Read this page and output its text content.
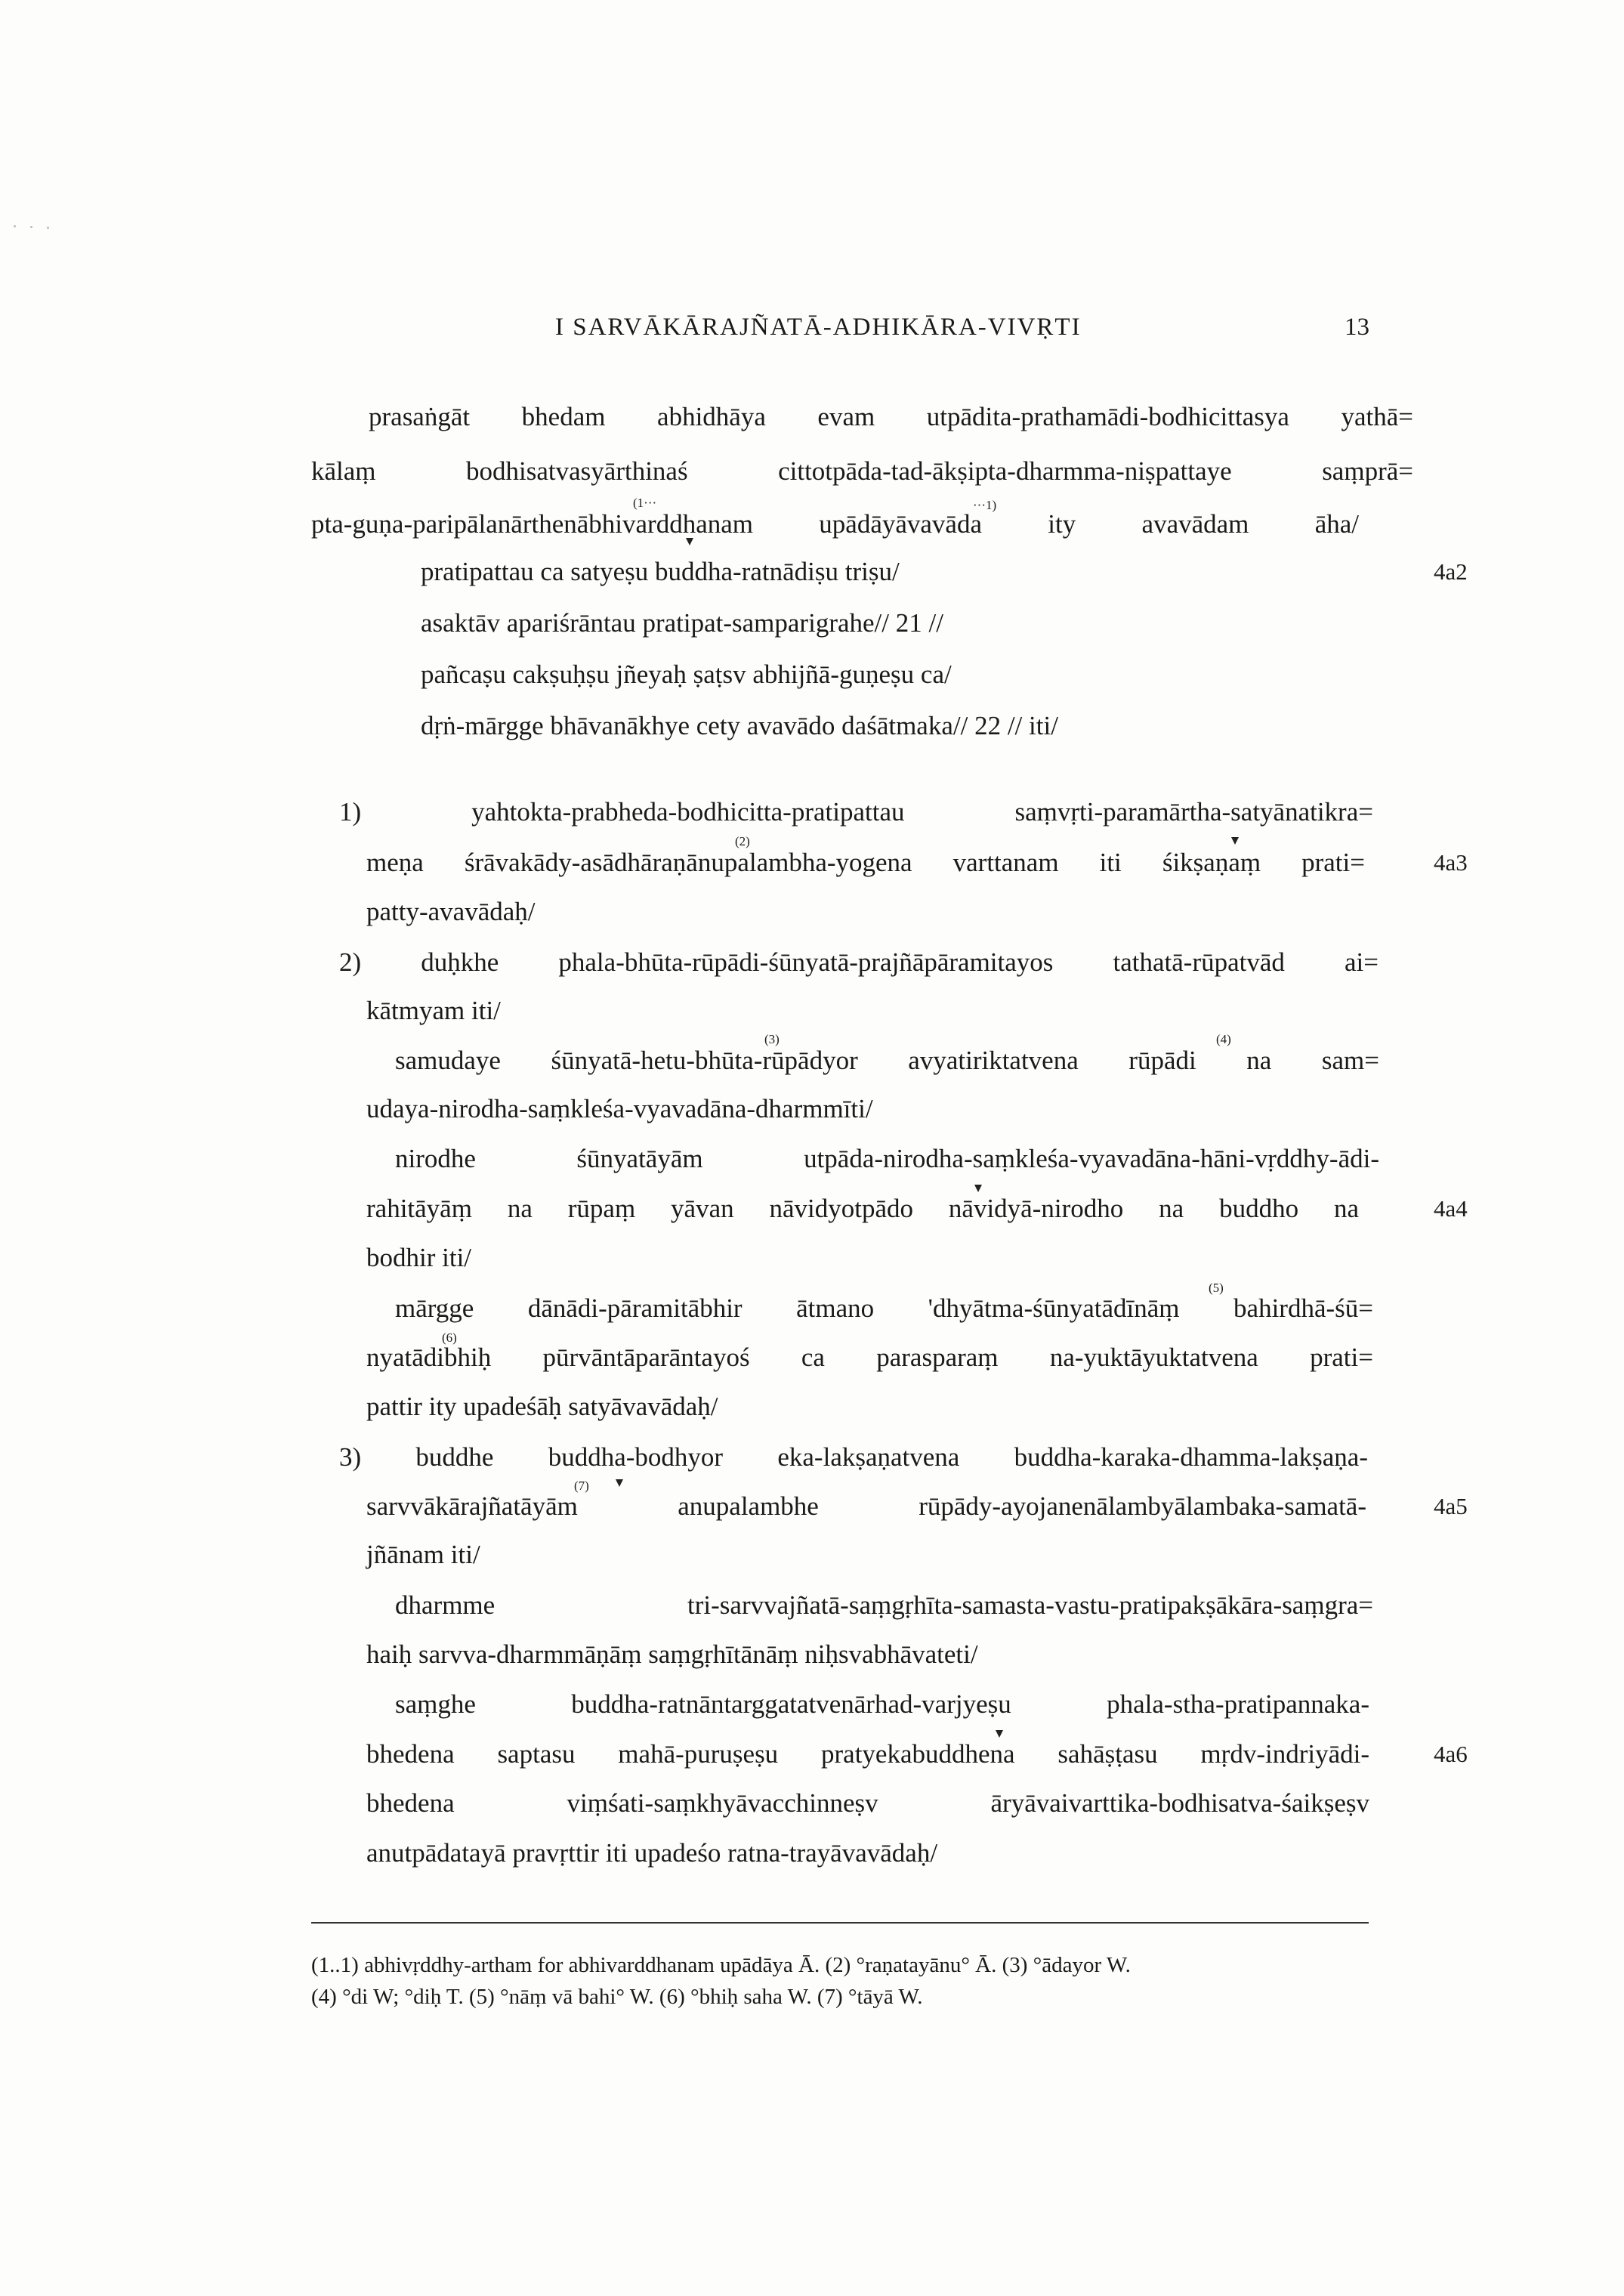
I SARVĀKĀRAJÑATĀ-ADHIKĀRA-VIVṚTI	13
prasaṅgāt bhedam abhidhāya evam utpādita-prathamādi-bodhicittasya yathā=
kālaṃ bodhisatvasyārthinaś cittotpāda-tad-ākṣipta-dharmma-niṣpattaye saṃprā=
pta-guṇa-paripālanārthenābhivarddhanam upādāyāvavāda ity avavādam āha/
pratipattau ca satyeṣu buddha-ratnādiṣu triṣu/
asaktāv apariśrāntau pratipat-samparigrahe// 21 //
pañcaṣu cakṣuḥṣu jñeyaḥ ṣaṭsv abhijñā-guṇeṣu ca/
dṛṅ-mārgge bhāvanākhye cety avavādo daśātmaka// 22 // iti/
1) yahtokta-prabheda-bodhicitta-pratipattau saṃvṛti-paramārtha-satyānatikra=
meṇa śrāvakādy-asādhāraṇānupalambha-yogena varttanam iti śikṣaṇaṃ prati=
patty-avavādaḥ/
2) duḥkhe phala-bhūta-rūpādi-śūnyatā-prajñāpāramitayos tathatā-rūpatvād ai=
kātmyam iti/
samudaye śūnyatā-hetu-bhūta-rūpādyor avyatiriktatvena rūpādi na sam=
udaya-nirodha-saṃkleśa-vyavadāna-dharmmīti/
nirodhe śūnyatāyām utpāda-nirodha-saṃkleśa-vyavadāna-hāni-vṛddhy-ādi-
rahitāyāṃ na rūpaṃ yāvan nāvidyotpādo nāvidyā-nirodho na buddho na
bodhir iti/
mārgge dānādi-pāramitābhir ātmano 'dhyātma-śūnyatādīnāṃ bahirdhā-śū=
nyatādibhiḥ pūrvāntāparāntayoś ca parasparaṃ na-yuktāyuktatvena prati=
pattir ity upadeśāḥ satyāvavādaḥ/
3) buddhe buddha-bodhyor eka-lakṣaṇatvena buddha-karaka-dhamma-lakṣaṇa-
sarvvākārajñatāyām anupalambhe rūpādy-ayojanenālambyālambaka-samatā-
jñānam iti/
dharmme tri-sarvvajñatā-saṃgṛhīta-samasta-vastu-pratipakṣākāra-saṃgra=
haiḥ sarvva-dharmmāṇāṃ saṃgṛhītānāṃ niḥsvabhāvateti/
saṃghe buddha-ratnāntarggatatvenārhad-varjyeṣu phala-stha-pratipannaka-
bhedena saptasu mahā-puruṣeṣu pratyekabuddhena sahāṣṭasu mṛdv-indriyādi-
bhedena viṃśati-saṃkhyāvacchinneṣv āryāvaivarttika-bodhisatva-śaikṣeṣv
anutpādatayā pravṛttir iti upadeśo ratna-trayāvavādaḥ/
(1···	···1)
(2)
(3)	(4)
(5)
(6)
(7)
4a2
4a3
4a4
4a5
4a6
(1..1) abhivṛddhy-artham for abhivarddhanam upādāya Ā. (2) °raṇatayānu° Ā. (3) °ādayor W.
(4) °di W; °diḥ T. (5) °nāṃ vā bahi° W. (6) °bhiḥ saha W. (7) °tāyā W.
